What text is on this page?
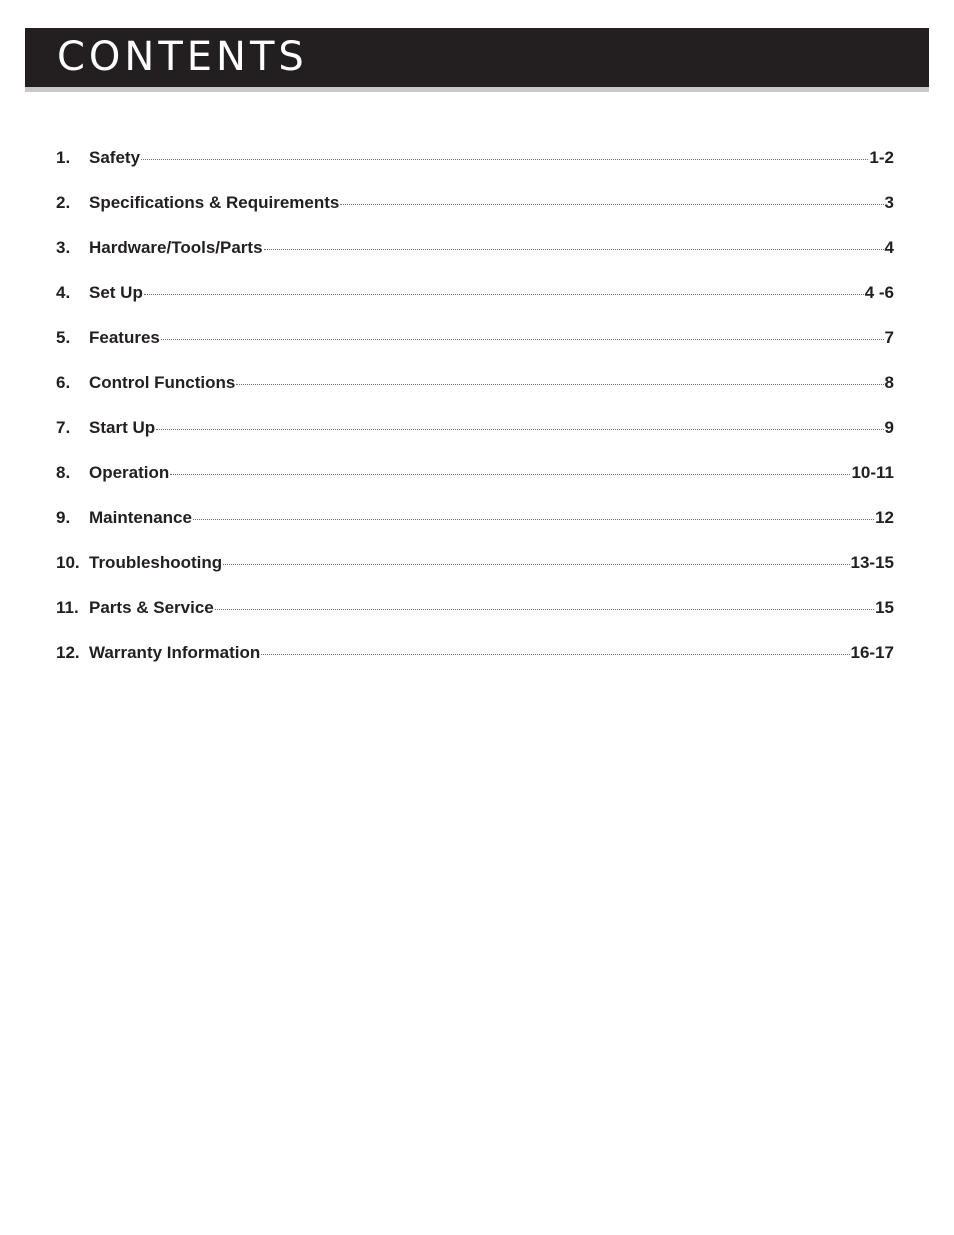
CONTENTS
1.	Safety	1-2
2.	Specifications & Requirements	3
3.	Hardware/Tools/Parts	4
4.	Set Up	4 -6
5.	Features	7
6.	Control Functions	8
7.	Start Up	9
8.	Operation	10-11
9.	Maintenance	12
10. Troubleshooting	13-15
11. Parts & Service	15
12. Warranty Information	16-17
